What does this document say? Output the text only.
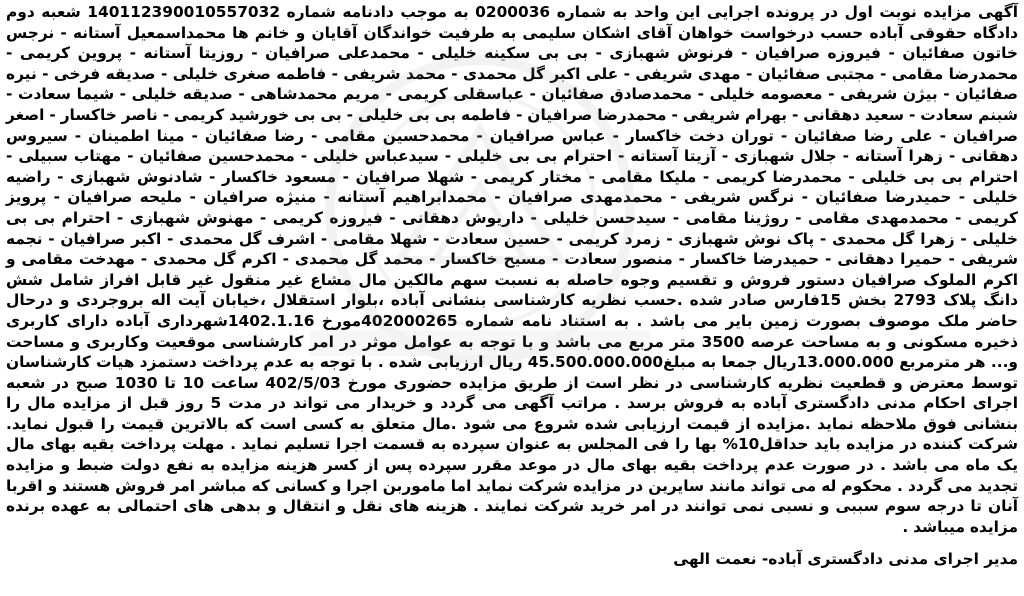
آگهی مزایده نوبت اول در پرونده اجرایی این واحد به شماره 0200036 به موجب دادنامه شماره 140112390010557032 شعبه دوم دادگاه حقوقی آباده حسب درخواست خواهان آقای اشکان سلیمی به طرفیت خواندگان آقایان و خانم ها محمداسمعیل آستانه - نرجس خاتون صفائیان - فیروزه صرافیان - فرنوش شهبازی - بی بی سکینه خلیلی - محمدعلی صرافیان - روزیتا آستانه - پروین کریمی - محمدرضا مقامی - مجتبی صفائیان - مهدی شریفی - علی اکبر گل محمدی - محمد شریفی - فاطمه صغری خلیلی - صدیقه فرخی - نیره صفائیان - بیژن شریفی - معصومه خلیلی - محمدصادق صفائیان - عباسقلی کریمی - مریم محمدشاهی - صدیقه خلیلی - شیما سعادت - شبنم سعادت - سعید دهقانی - بهرام شریفی - محمدرضا صرافیان - فاطمه بی بی خلیلی - بی بی خورشید کریمی - ناصر خاکسار - اصغر صرافیان - علی رضا صفائیان - توران دخت خاکسار - عباس صرافیان - محمدحسین مقامی - رضا صفائیان - مینا اطمینان - سیروس دهقانی - زهرا آستانه - جلال شهبازی - آزیتا آستانه - احترام بی بی خلیلی - سیدعباس خلیلی - محمدحسین صفائیان - مهتاب سبیلی - احترام بی بی خلیلی - محمدرضا کریمی - ملیکا مقامی - مختار کریمی - شهلا صرافیان - مسعود خاکسار - شادنوش شهبازی - راضیه خلیلی - حمیدرضا صفائیان - نرگس شریفی - محمدمهدی صرافیان - محمدابراهیم آستانه - منیژه صرافیان - ملیحه صرافیان - پرویز کریمی - محمدمهدی مقامی - روژینا مقامی - سیدحسن خلیلی - داریوش دهقانی - فیروزه کریمی - مهنوش شهبازی - احترام بی بی خلیلی - زهرا گل محمدی - پاک نوش شهبازی - زمرد کریمی - حسین سعادت - شهلا مقامی - اشرف گل محمدی - اکبر صرافیان - نجمه شریفی - حمیرا دهقانی - حمیدرضا خاکسار - منصور سعادت - مسیح خاکسار - محمد گل محمدی - اکرم گل محمدی - مهدخت مقامی و اکرم الملوک صرافیان دستور فروش و تقسیم وجوه حاصله به نسبت سهم مالکین مال مشاع غیر منقول غیر قابل افراز شامل شش دانگ پلاک 2793 بخش 15فارس صادر شده .حسب نظریه کارشناسی بنشانی آباده ،بلوار استقلال ،خیابان آیت اله بروجردی و درحال حاضر ملک موصوف بصورت زمین بایر می باشد . به استناد نامه شماره 402000265مورخ 1402.1.16شهرداری آباده دارای کاربری ذخیره مسکونی و به مساحت عرصه 3500 متر مربع می باشد و با توجه به عوامل موثر در امر کارشناسی موقعیت وکاربری و مساحت و... هر مترمربع 13.000.000ریال جمعا به مبلغ45.500.000.000 ریال ارزیابی شده . با توجه به عدم پرداخت دستمزد هیات کارشناسان توسط معترض و قطعیت نظریه کارشناسی در نظر است از طریق مزایده حضوری مورخ 402/5/03 ساعت 10 تا 1030 صبح در شعبه اجرای احکام مدنی دادگستری آباده به فروش برسد . مراتب آگهی می گردد و خریدار می تواند در مدت 5 روز قبل از مزایده مال را بنشانی فوق ملاحظه نماید .مزایده از قیمت ارزیابی شده شروع می شود .مال متعلق به کسی است که بالاترین قیمت را قبول نماید. شرکت کننده در مزایده باید حداقل10% بها را فی المجلس به عنوان سپرده به قسمت اجرا تسلیم نماید . مهلت پرداخت بقیه بهای مال یک ماه می باشد . در صورت عدم پرداخت بقیه بهای مال در موعد مقرر سپرده پس از کسر هزینه مزایده به نفع دولت ضبط و مزایده تجدید می گردد . محکوم له می تواند مانند سایرین در مزایده شرکت نماید اما ماموربن اجرا و کسانی که مباشر امر فروش هستند و اقربا آنان تا درجه سوم سببی و نسبی نمی توانند در امر خرید شرکت نمایند . هزینه های نقل و انتقال و بدهی های احتمالی به عهده برنده مزایده میباشد .

مدیر اجرای مدنی دادگستری آباده- نعمت الهی
